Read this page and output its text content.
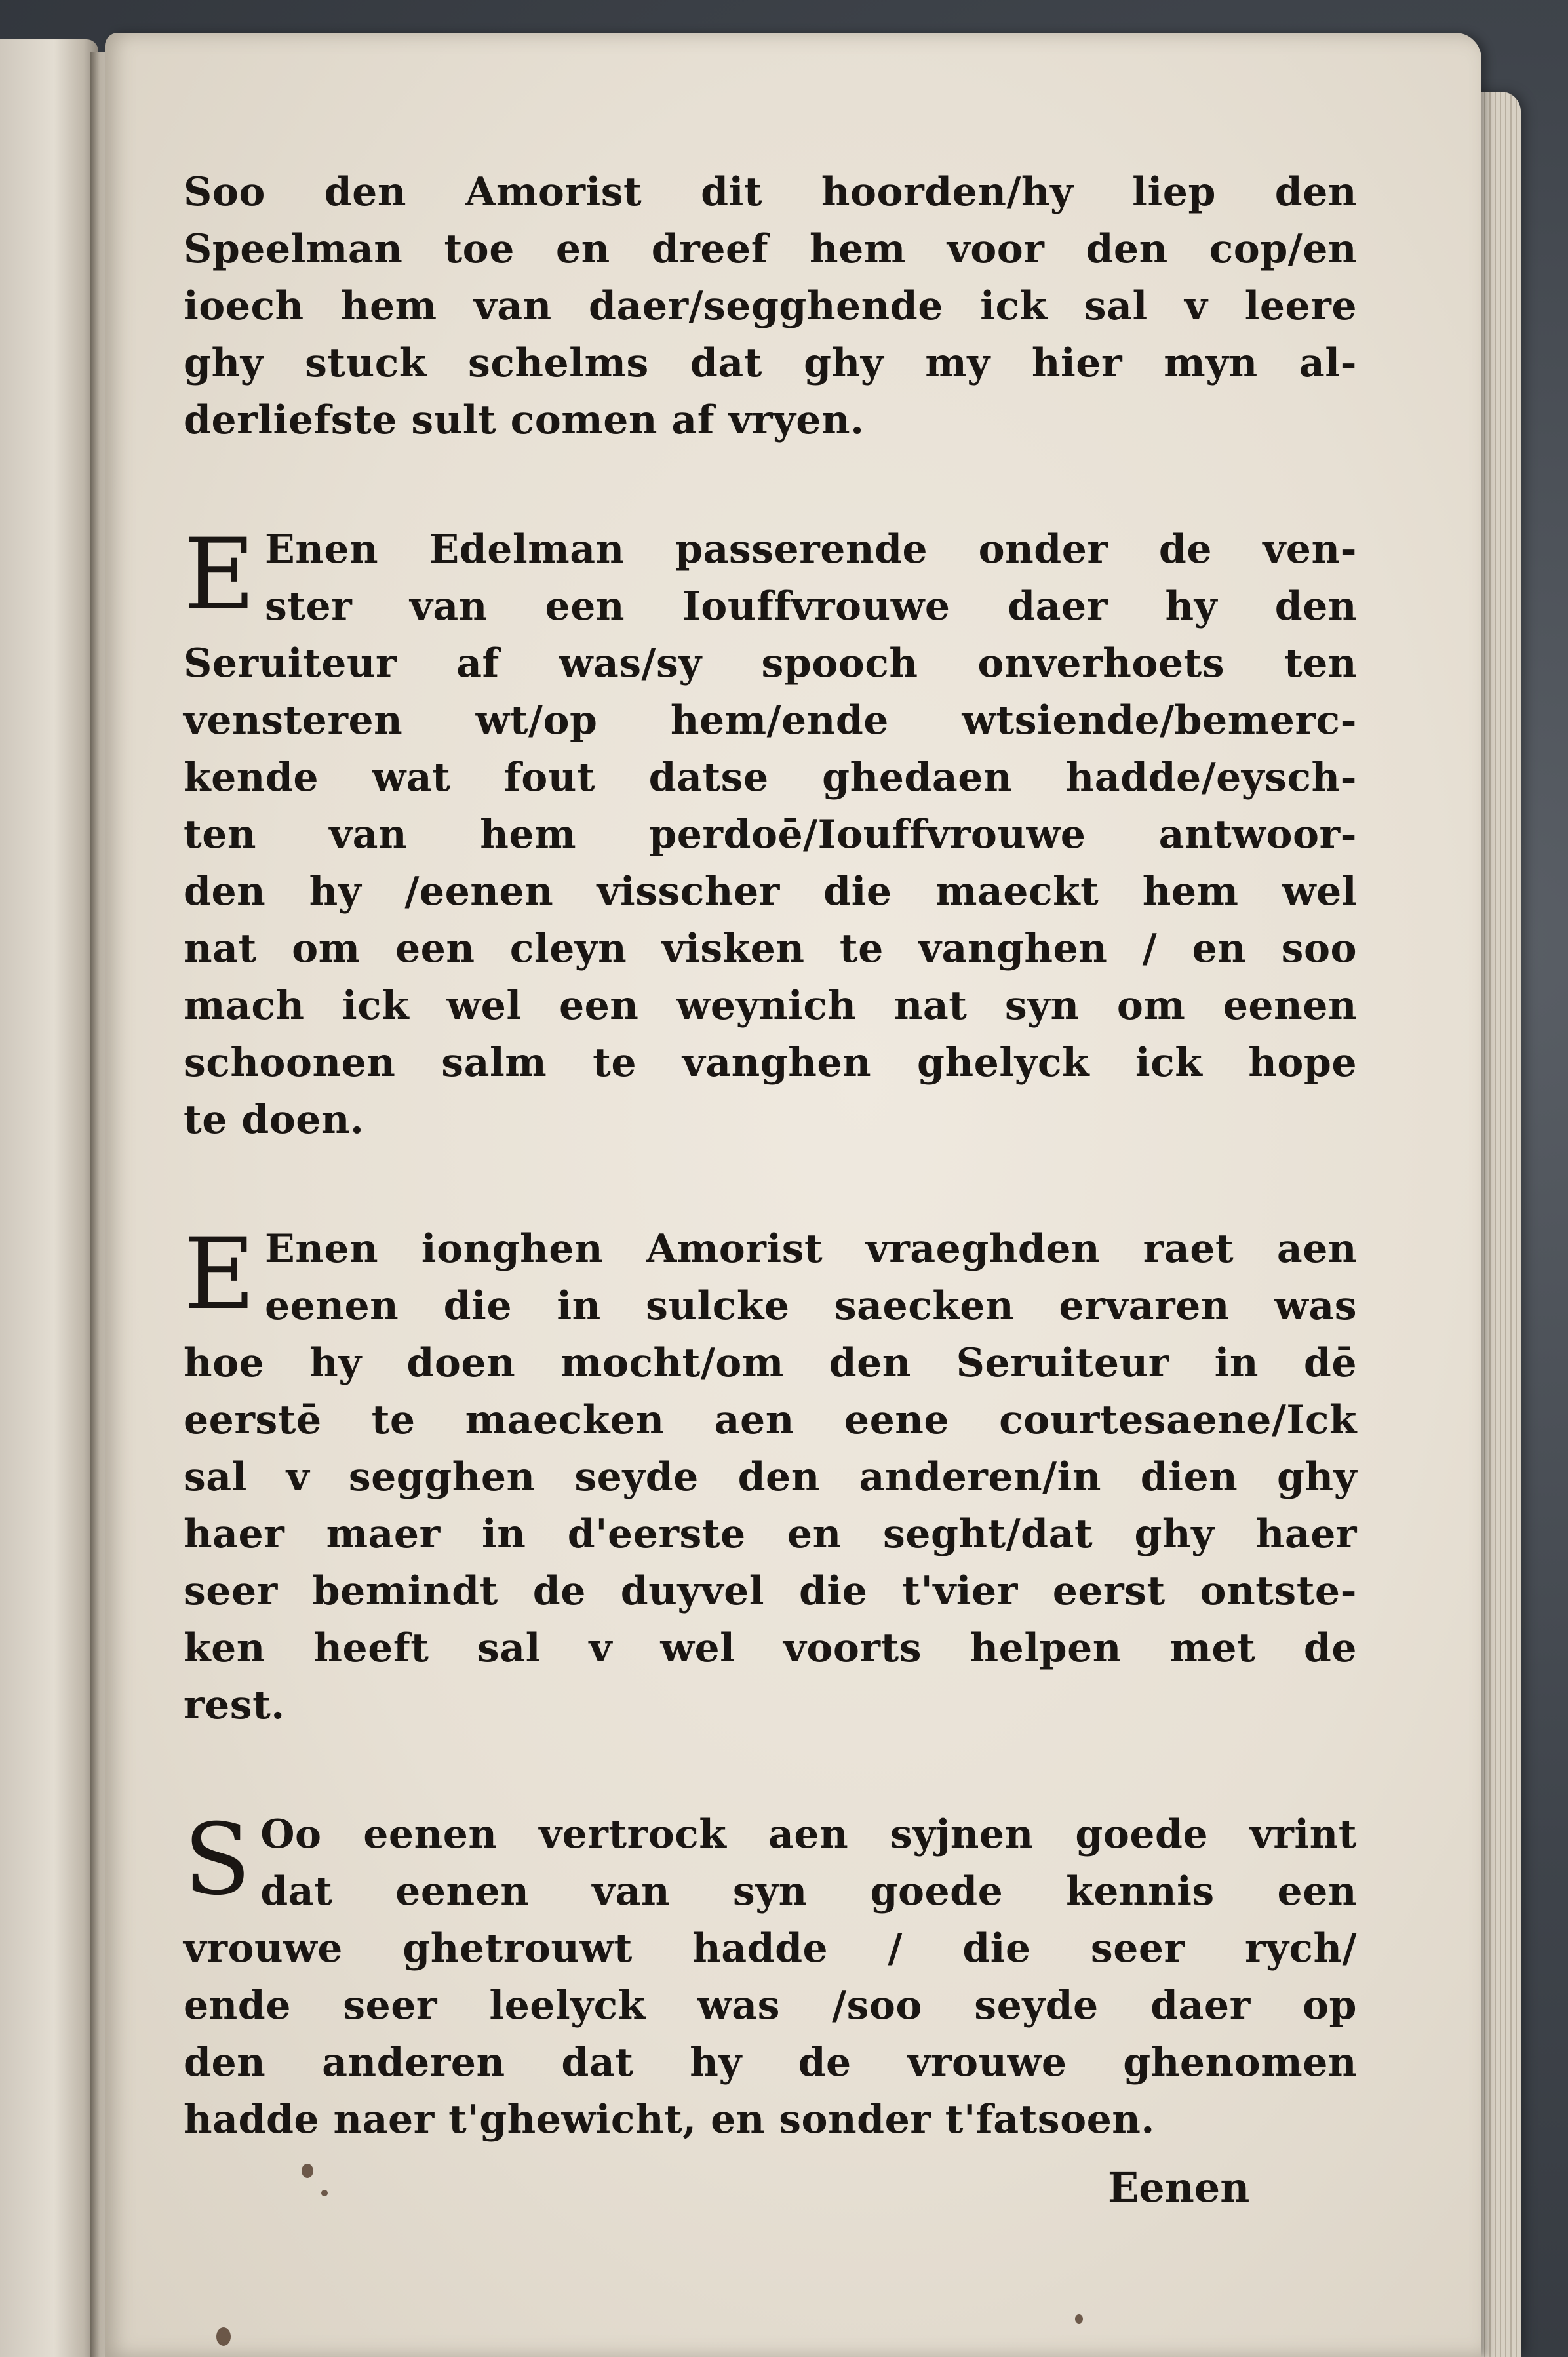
Soo den Amorist dit hoorden/hy liep den
Speelman toe en dreef hem voor den cop/en
ioech hem van daer/segghende ick sal v leere
ghy stuck schelms dat ghy my hier myn al-
derliefste sult comen af vryen.
E Enen Edelman passerende onder de ven-
ster van een Iouffvrouwe daer hy den
Seruiteur af was/sy spooch onverhoets ten
vensteren wt/op hem/ende wtsiende/bemerc-
kende wat fout datse ghedaen hadde/eysch-
ten van hem perdoē/Iouffvrouwe antwoor-
den hy /eenen visscher die maeckt hem wel
nat om een cleyn visken te vanghen / en soo
mach ick wel een weynich nat syn om eenen
schoonen salm te vanghen ghelyck ick hope
te doen.
E Enen ionghen Amorist vraeghden raet aen
eenen die in sulcke saecken ervaren was
hoe hy doen mocht/om den Seruiteur in dē
eerstē te maecken aen eene courtesaene/Ick
sal v segghen seyde den anderen/in dien ghy
haer maer in d'eerste en seght/dat ghy haer
seer bemindt de duyvel die t'vier eerst ontste-
ken heeft sal v wel voorts helpen met de
rest.
S Oo eenen vertrock aen syjnen goede vrint
dat eenen van syn goede kennis een
vrouwe ghetrouwt hadde / die seer rych/
ende seer leelyck was /soo seyde daer op
den anderen dat hy de vrouwe ghenomen
hadde naer t'ghewicht, en sonder t'fatsoen.
Eenen
